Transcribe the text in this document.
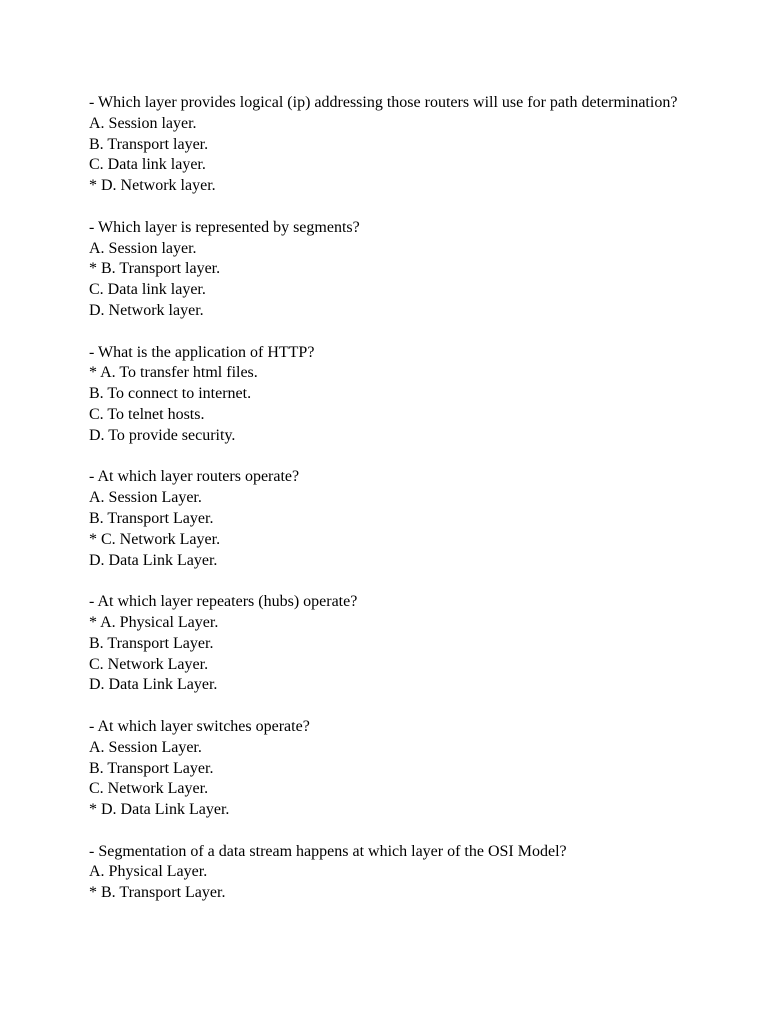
- Which layer provides logical (ip) addressing those routers will use for path determination?
A. Session layer.
B. Transport layer.
C. Data link layer.
* D. Network layer.
- Which layer is represented by segments?
A. Session layer.
* B. Transport layer.
C. Data link layer.
D. Network layer.
- What is the application of HTTP?
* A. To transfer html files.
B. To connect to internet.
C. To telnet hosts.
D. To provide security.
- At which layer routers operate?
A. Session Layer.
B. Transport Layer.
* C. Network Layer.
D. Data Link Layer.
- At which layer repeaters (hubs) operate?
* A. Physical Layer.
B. Transport Layer.
C. Network Layer.
D. Data Link Layer.
- At which layer switches operate?
A. Session Layer.
B. Transport Layer.
C. Network Layer.
* D. Data Link Layer.
- Segmentation of a data stream happens at which layer of the OSI Model?
A. Physical Layer.
* B. Transport Layer.
